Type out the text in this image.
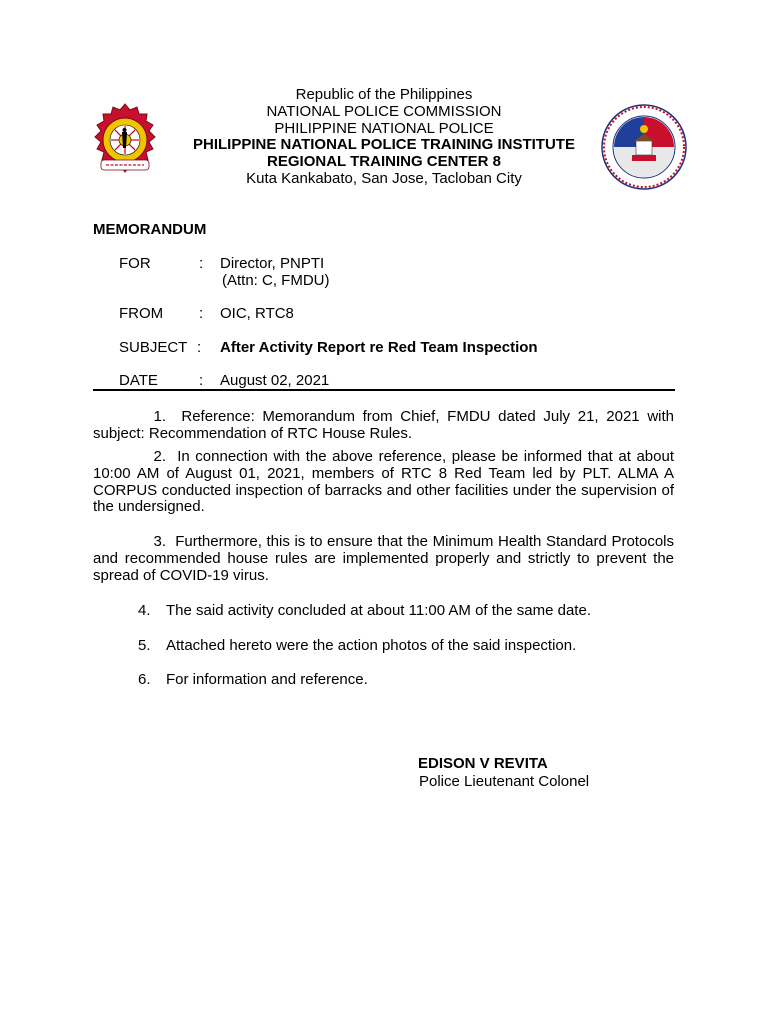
Republic of the Philippines
NATIONAL POLICE COMMISSION
PHILIPPINE NATIONAL POLICE
PHILIPPINE NATIONAL POLICE TRAINING INSTITUTE
REGIONAL TRAINING CENTER 8
Kuta Kankabato, San Jose, Tacloban City
MEMORANDUM
FOR	: Director, PNPTI
(Attn: C, FMDU)
FROM : OIC, RTC8
SUBJECT : After Activity Report re Red Team Inspection
DATE	: August 02, 2021
1. Reference: Memorandum from Chief, FMDU dated July 21, 2021 with subject: Recommendation of RTC House Rules.
2. In connection with the above reference, please be informed that at about 10:00 AM of August 01, 2021, members of RTC 8 Red Team led by PLT. ALMA A CORPUS conducted inspection of barracks and other facilities under the supervision of the undersigned.
3. Furthermore, this is to ensure that the Minimum Health Standard Protocols and recommended house rules are implemented properly and strictly to prevent the spread of COVID-19 virus.
4. The said activity concluded at about 11:00 AM of the same date.
5. Attached hereto were the action photos of the said inspection.
6. For information and reference.
EDISON V REVITA
Police Lieutenant Colonel
